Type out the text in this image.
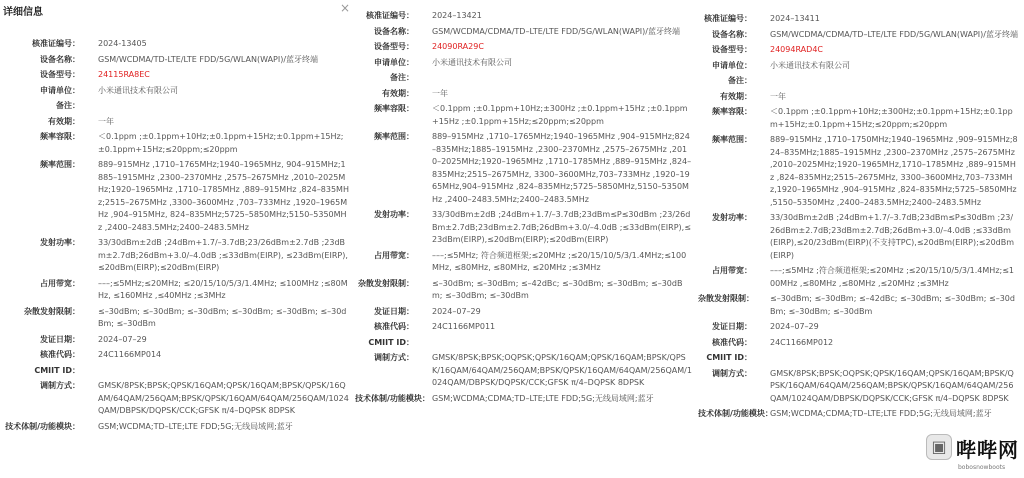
详细信息	×
核准证编号：	2024-13405
设备名称：	GSM/WCDMA/TD-LTE/LTE FDD/5G/WLAN(WAPI)/蓝牙终端
设备型号：	24115RA8EC
申请单位：	小米通讯技术有限公司
备注：
有效期：	一年
频率容限：	＜0.1ppm ;±0.1ppm+10Hz;±0.1ppm+15Hz;±0.1ppm+15Hz;±0.1ppm+15Hz;≤20ppm;≤20ppm
频率范围：	889–915MHz ,1710–1765MHz;1940–1965MHz, 904–915MHz;1885–1915MHz ,2300–2370MHz ,2575–2675MHz ,2010–2025MHz;1920–1965MHz ,1710–1785MHz ,889–915MHz ,824–835MHz;2515–2675MHz ,3300–3600MHz ,703–733MHz ,1920–1965MHz ,904–915MHz, 824–835MHz;5725–5850MHz;5150–5350MHz ,2400–2483.5MHz;2400–2483.5MHz
发射功率：	33/30dBm±2dB ;24dBm+1.7/–3.7dB;23/26dBm±2.7dB ;23dBm±2.7dB;26dBm+3.0/–4.0dB ;≤33dBm(EIRP), ≤23dBm(EIRP), ≤20dBm(EIRP);≤20dBm(EIRP)
占用带宽：	–––;≤5MHz;≤20MHz; ≤20/15/10/5/3/1.4MHz; ≤100MHz ;≤80MHz, ≤160MHz ,≤40MHz ;≤3MHz
杂散发射限制：	≤–30dBm; ≤–30dBm; ≤–30dBm; ≤–30dBm; ≤–30dBm; ≤–30dBm; ≤–30dBm
发证日期：	2024–07–29
核准代码：	24C1166MP014
CMIIT ID：
调制方式：	GMSK/8PSK;BPSK;QPSK/16QAM;QPSK/16QAM;BPSK/QPSK/16QAM/64QAM/256QAM;BPSK/QPSK/16QAM/64QAM/256QAM/1024QAM/DBPSK/DQPSK/CCK;GFSK π/4–DQPSK 8DPSK
技术体制/功能模块：	GSM;WCDMA;TD–LTE;LTE FDD;5G;无线局域网;蓝牙
核准证编号：	2024–13421
设备名称：	GSM/WCDMA/CDMA/TD–LTE/LTE FDD/5G/WLAN(WAPI)/蓝牙终端
设备型号：	24090RA29C
申请单位：	小米通讯技术有限公司
备注：
有效期：	一年
频率容限：	＜0.1ppm ;±0.1ppm+10Hz;±300Hz ;±0.1ppm+15Hz ;±0.1ppm+15Hz ;±0.1ppm+15Hz;≤20ppm;≤20ppm
频率范围：	889–915MHz ,1710–1765MHz;1940–1965MHz ,904–915MHz;824–835MHz;1885–1915MHz ,2300–2370MHz ,2575–2675MHz ,2010–2025MHz;1920–1965MHz ,1710–1785MHz ,889–915MHz ,824–835MHz;2515–2675MHz, 3300–3600MHz,703–733MHz ,1920–1965MHz,904–915MHz ,824–835MHz;5725–5850MHz,5150–5350MHz ,2400–2483.5MHz;2400–2483.5MHz
发射功率：	33/30dBm±2dB ;24dBm+1.7/–3.7dB;23dBm≤P≤30dBm ;23/26dBm±2.7dB;23dBm±2.7dB;26dBm+3.0/–4.0dB ;≤33dBm(EIRP),≤23dBm(EIRP),≤20dBm(EIRP);≤20dBm(EIRP)
占用带宽：	–––;≤5MHz; 符合频道框架;≤20MHz ;≤20/15/10/5/3/1.4MHz;≤100MHz, ≤80MHz, ≤80MHz, ≤20MHz ;≤3MHz
杂散发射限制：	≤–30dBm; ≤–30dBm; ≤–42dBc; ≤–30dBm; ≤–30dBm; ≤–30dBm; ≤–30dBm; ≤–30dBm
发证日期：	2024–07–29
核准代码：	24C1166MP011
CMIIT ID：
调制方式：	GMSK/8PSK;BPSK;OQPSK;QPSK/16QAM;QPSK/16QAM;BPSK/QPSK/16QAM/64QAM/256QAM;BPSK/QPSK/16QAM/64QAM/256QAM/1024QAM/DBPSK/DQPSK/CCK;GFSK π/4–DQPSK 8DPSK
技术体制/功能模块： GSM;WCDMA;CDMA;TD–LTE;LTE FDD;5G;无线局域网;蓝牙
核准证编号：	2024–13411
设备名称：	GSM/WCDMA/CDMA/TD–LTE/LTE FDD/5G/WLAN(WAPI)/蓝牙终端
设备型号：	24094RAD4C
申请单位：	小米通讯技术有限公司
备注：
有效期：	一年
频率容限：	＜0.1ppm ;±0.1ppm+10Hz;±300Hz;±0.1ppm+15Hz;±0.1ppm+15Hz;±0.1ppm+15Hz;≤20ppm;≤20ppm
频率范围：	889–915MHz ,1710–1750MHz;1940–1965MHz ,909–915MHz;824–835MHz;1885–1915MHz ,2300–2370MHz ,2575–2675MHz ,2010–2025MHz;1920–1965MHz,1710–1785MHz ,889–915MHz ,824–835MHz;2515–2675MHz, 3300–3600MHz,703–733MHz,1920–1965MHz ,904–915MHz ,824–835MHz;5725–5850MHz ,5150–5350MHz ,2400–2483.5MHz;2400–2483.5MHz
发射功率：	33/30dBm±2dB ;24dBm+1.7/–3.7dB;23dBm≤P≤30dBm ;23/26dBm±2.7dB;23dBm±2.7dB;26dBm+3.0/–4.0dB ;≤33dBm(EIRP),≤20/23dBm(EIRP)(不支持TPC),≤20dBm(EIRP);≤20dBm(EIRP)
占用带宽：	–––;≤5MHz ;符合频道框架;≤20MHz ;≤20/15/10/5/3/1.4MHz;≤100MHz ,≤80MHz ,≤80MHz ,≤20MHz ;≤3MHz
杂散发射限制：	≤–30dBm; ≤–30dBm; ≤–42dBc; ≤–30dBm; ≤–30dBm; ≤–30dBm; ≤–30dBm; ≤–30dBm
发证日期：	2024–07–29
核准代码：	24C1166MP012
CMIIT ID：
调制方式：	GMSK/8PSK;BPSK;OQPSK;QPSK/16QAM;QPSK/16QAM;BPSK/QPSK/16QAM/64QAM/256QAM;BPSK/QPSK/16QAM/64QAM/256QAM/1024QAM/DBPSK/DQPSK/CCK;GFSK π/4–DQPSK 8DPSK
技术体制/功能模块：
GSM;WCDMA;CDMA;TD–LTE;LTE FDD;5G;无线局域网;蓝牙
▣ 哔哔网
bobosnowboots
